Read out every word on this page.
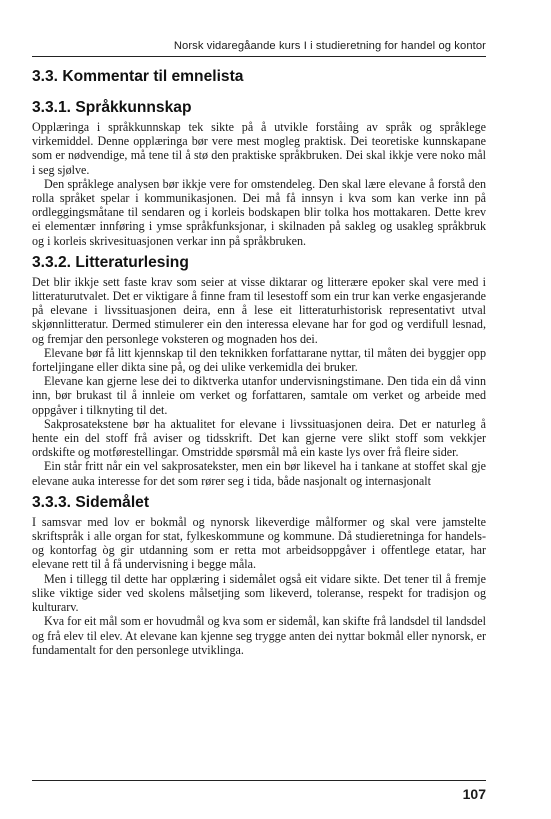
Norsk vidaregåande kurs I i studieretning for handel og kontor
3.3. Kommentar til emnelista
3.3.1. Språkkunnskap

Opplæringa i språkkunnskap tek sikte på å utvikle forståing av språk og språklege virkemiddel. Denne opplæringa bør vere mest mogleg praktisk. Dei teoretiske kunnskapane som er nødvendige, må tene til å stø den praktiske språkbruken. Dei skal ikkje vere noko mål i seg sjølve.

Den språklege analysen bør ikkje vere for omstendeleg. Den skal lære elevane å forstå den rolla språket spelar i kommunikasjonen. Dei må få innsyn i kva som kan verke inn på ordleggingsmåtane til sendaren og i korleis bodskapen blir tolka hos mottakaren. Dette krev ei elementær innføring i ymse språkfunksjonar, i skilnaden på sakleg og usakleg språkbruk og i korleis skrivesituasjonen verkar inn på språkbruken.

3.3.2. Litteraturlesing

Det blir ikkje sett faste krav som seier at visse diktarar og litterære epoker skal vere med i litteraturutvalet. Det er viktigare å finne fram til lesestoff som ein trur kan verke engasjerande på elevane i livssituasjonen deira, enn å lese eit litteraturhistorisk representativt utval skjønnlitteratur. Dermed stimulerer ein den interessa elevane har for god og verdifull lesnad, og fremjar den personlege voksteren og mognaden hos dei.

Elevane bør få litt kjennskap til den teknikken forfattarane nyttar, til måten dei byggjer opp forteljingane eller dikta sine på, og dei ulike verkemidla dei bruker.

Elevane kan gjerne lese dei to diktverka utanfor undervisningstimane. Den tida ein då vinn inn, bør brukast til å innleie om verket og forfattaren, samtale om verket og arbeide med oppgåver i tilknyting til det.

Sakprosatekstene bør ha aktualitet for elevane i livssituasjonen deira. Det er naturleg å hente ein del stoff frå aviser og tidsskrift. Det kan gjerne vere slikt stoff som vekkjer ordskifte og motførestellingar. Omstridde spørsmål må ein kaste lys over frå fleire sider.

Ein står fritt når ein vel sakprosatekster, men ein bør likevel ha i tankane at stoffet skal gje elevane auka interesse for det som rører seg i tida, både nasjonalt og internasjonalt

3.3.3. Sidemålet

I samsvar med lov er bokmål og nynorsk likeverdige målformer og skal vere jamstelte skriftspråk i alle organ for stat, fylkeskommune og kommune. Då studieretninga for handels- og kontorfag òg gir utdanning som er retta mot arbeidsoppgåver i offentlege etatar, har elevane rett til å få undervisning i begge måla.

Men i tillegg til dette har opplæring i sidemålet også eit vidare sikte. Det tener til å fremje slike viktige sider ved skolens målsetjing som likeverd, toleranse, respekt for tradisjon og kulturarv.

Kva for eit mål som er hovudmål og kva som er sidemål, kan skifte frå landsdel til landsdel og frå elev til elev. At elevane kan kjenne seg trygge anten dei nyttar bokmål eller nynorsk, er fundamentalt for den personlege utviklinga.

107
